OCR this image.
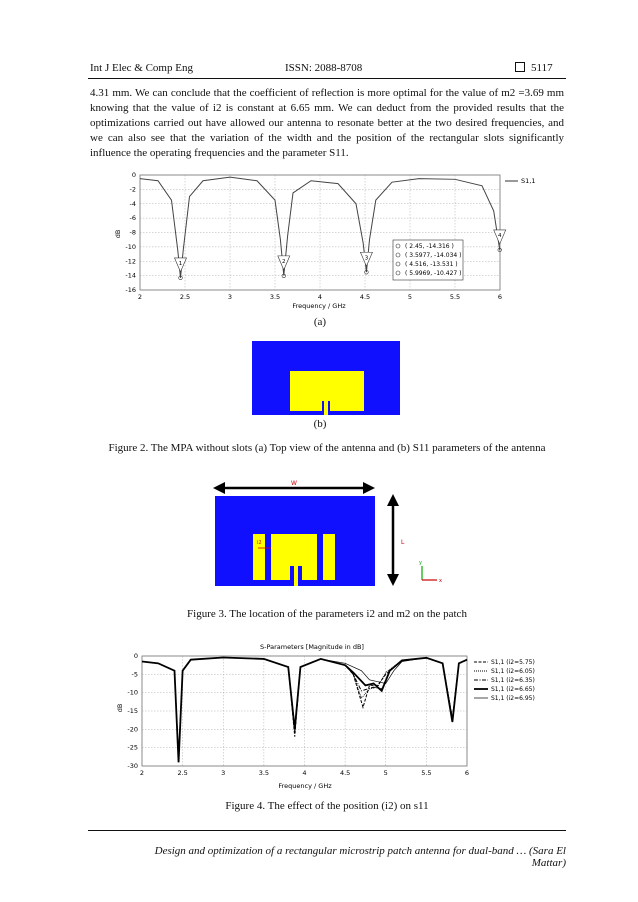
Int J Elec & Comp Eng	ISSN: 2088-8708	5117
4.31 mm. We can conclude that the coefficient of reflection is more optimal for the value of m2 =3.69 mm knowing that the value of i2 is constant at 6.65 mm. We can deduct from the provided results that the optimizations carried out have allowed our antenna to resonate better at the two desired frequencies, and we can also see that the variation of the width and the position of the rectangular slots significantly influence the operating frequencies and the parameter S11.
1	2
3
4
2	2.5	3	3.5	4	4.5	5	5.5	6
0
-2
-4
-6
-8
-10
-12
-14
-16
dB
Frequency / GHz
S1,1
( 2.45, -14.316 )
( 3.5977, -14.034 )
( 4.516, -13.531 )
( 5.9969, -10.427 )
(a)
(b)
Figure 2. The MPA without slots (a) Top view of the antenna and (b) S11 parameters of the antenna
W
i2	L
y
x
Figure 3. The location of the parameters i2 and m2 on the patch
S-Parameters [Magnitude in dB]
2	2.5	3	3.5	4	4.5	5	5.5	6
0
-5
-10
-15
-20
-25
-30
S1,1 (i2=5.75)
S1,1 (i2=6.05)
S1,1 (i2=6.35)
S1,1 (i2=6.65)
S1,1 (i2=6.95)
dB
Frequency / GHz
Figure 4. The effect of the position (i2) on s11
Design and optimization of a rectangular microstrip patch antenna for dual-band … (Sara El Mattar)
